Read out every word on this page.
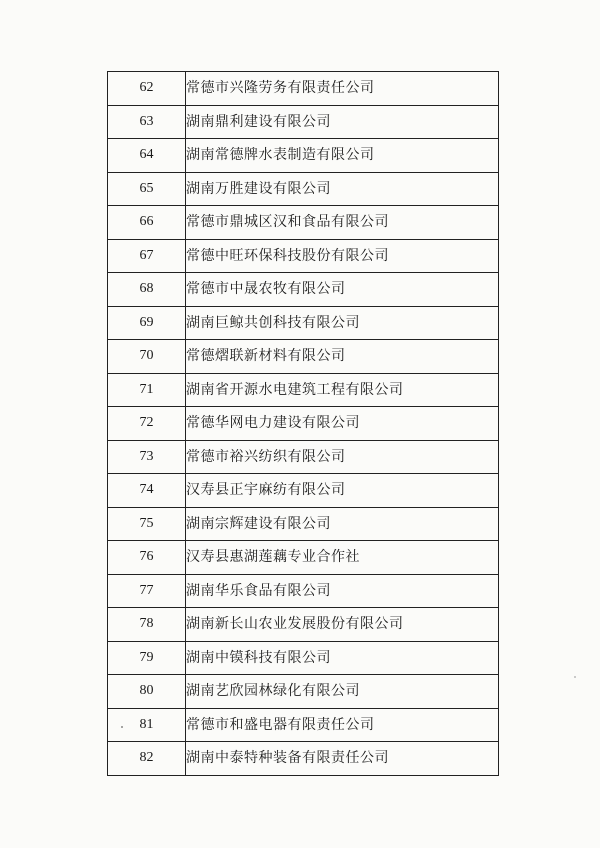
62	常德市兴隆劳务有限责任公司
63	湖南鼎利建设有限公司
64	湖南常德牌水表制造有限公司
65	湖南万胜建设有限公司
66	常德市鼎城区汉和食品有限公司
67	常德中旺环保科技股份有限公司
68	常德市中晟农牧有限公司
69	湖南巨鲸共创科技有限公司
70	常德熠联新材料有限公司
71	湖南省开源水电建筑工程有限公司
72	常德华网电力建设有限公司
73	常德市裕兴纺织有限公司
74	汉寿县正宇麻纺有限公司
75	湖南宗辉建设有限公司
76	汉寿县惠湖莲藕专业合作社
77	湖南华乐食品有限公司
78	湖南新长山农业发展股份有限公司
79	湖南中镆科技有限公司
80	湖南艺欣园林绿化有限公司
81	常德市和盛电器有限责任公司
82	湖南中泰特种装备有限责任公司
